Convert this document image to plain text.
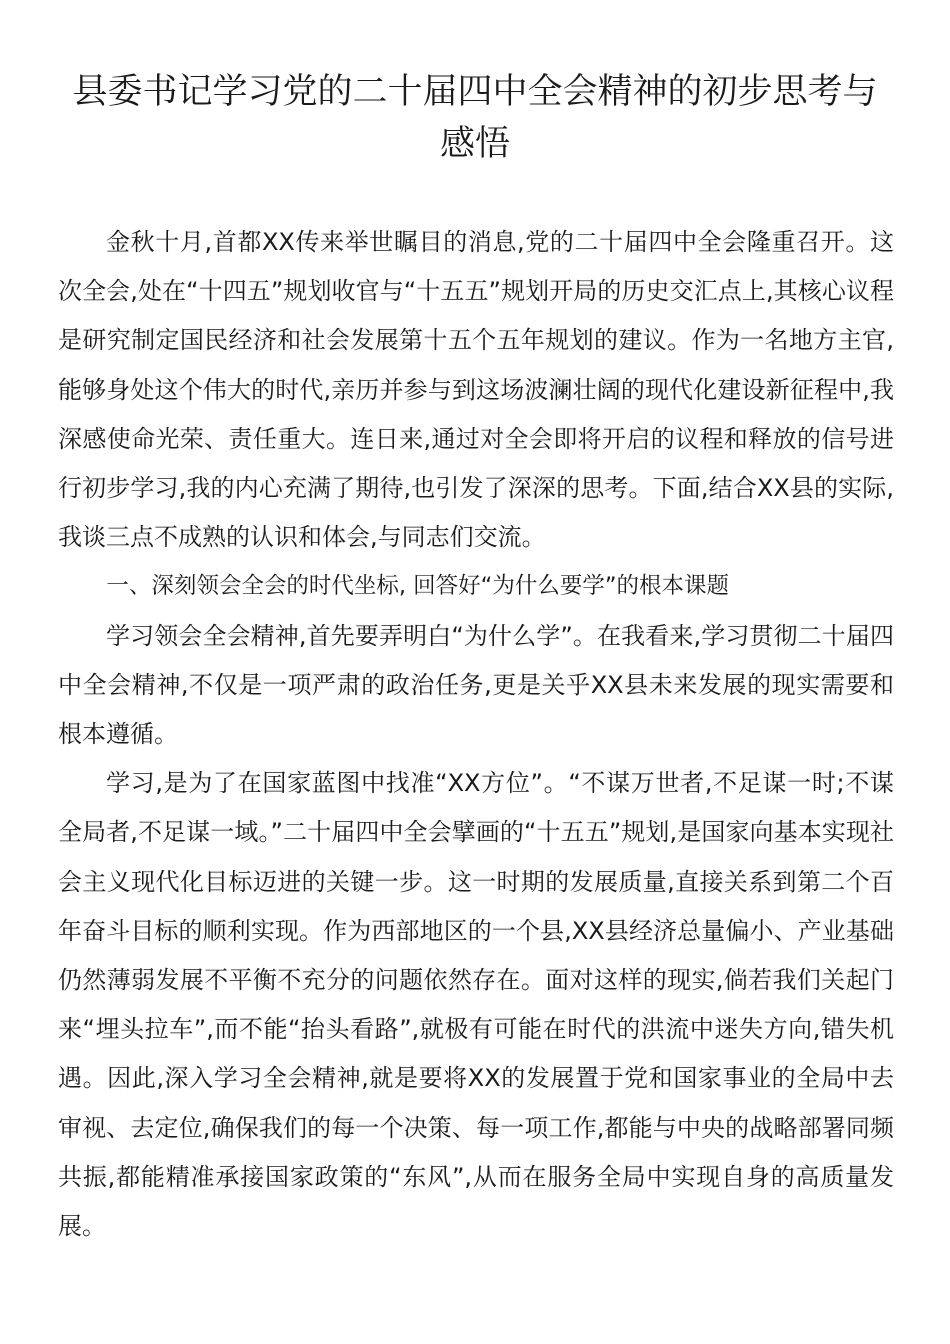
县委书记学习党的二十届四中全会精神的初步思考与感悟

金秋十月,首都XX传来举世瞩目的消息,党的二十届四中全会隆重召开。这次全会,处在“十四五”规划收官与“十五五”规划开局的历史交汇点上,其核心议程是研究制定国民经济和社会发展第十五个五年规划的建议。作为一名地方主官,能够身处这个伟大的时代,亲历并参与到这场波澜壮阔的现代化建设新征程中,我深感使命光荣、责任重大。连日来,通过对全会即将开启的议程和释放的信号进行初步学习,我的内心充满了期待,也引发了深深的思考。下面,结合XX县的实际,我谈三点不成熟的认识和体会,与同志们交流。

一、深刻领会全会的时代坐标, 回答好“为什么要学”的根本课题

学习领会全会精神,首先要弄明白“为什么学”。在我看来,学习贯彻二十届四中全会精神,不仅是一项严肃的政治任务,更是关乎XX县未来发展的现实需要和根本遵循。

学习,是为了在国家蓝图中找准“XX方位”。“不谋万世者,不足谋一时;不谋全局者,不足谋一域。”二十届四中全会擘画的“十五五”规划,是国家向基本实现社会主义现代化目标迈进的关键一步。这一时期的发展质量,直接关系到第二个百年奋斗目标的顺利实现。作为西部地区的一个县,XX县经济总量偏小、产业基础仍然薄弱发展不平衡不充分的问题依然存在。面对这样的现实,倘若我们关起门来“埋头拉车”,而不能“抬头看路”,就极有可能在时代的洪流中迷失方向,错失机遇。因此,深入学习全会精神,就是要将XX的发展置于党和国家事业的全局中去审视、去定位,确保我们的每一个决策、每一项工作,都能与中央的战略部署同频共振,都能精准承接国家政策的“东风”,从而在服务全局中实现自身的高质量发展。
